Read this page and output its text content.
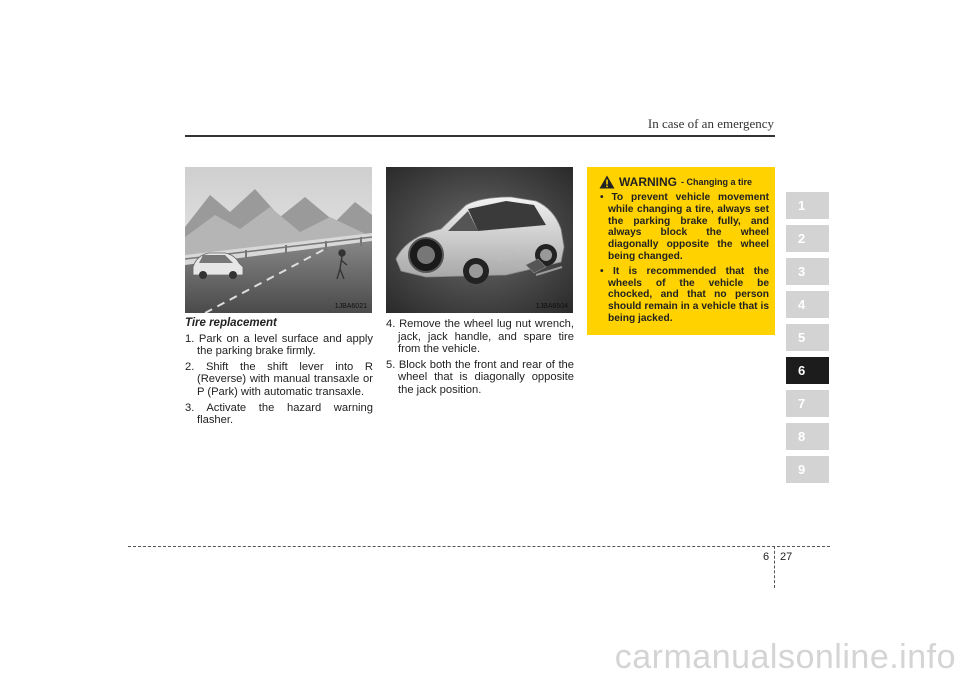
In case of an emergency
1JBA6021	1JBA6504
Tire replacement
1. Park on a level surface and apply the parking brake firmly.
2. Shift the shift lever into R (Reverse) with manual transaxle or P (Park) with automatic transaxle.
3. Activate the hazard warning flasher.
4. Remove the wheel lug nut wrench, jack, jack handle, and spare tire from the vehicle.
5. Block both the front and rear of the wheel that is diagonally opposite the jack position.
WARNING - Changing a tire
• To prevent vehicle movement while changing a tire, always set the parking brake fully, and always block the wheel diagonally opposite the wheel being changed.
• It is recommended that the wheels of the vehicle be chocked, and that no person should remain in a vehicle that is being jacked.
1
2
3
4
5
6
7
8
9
6 27
carmanualsonline.info
